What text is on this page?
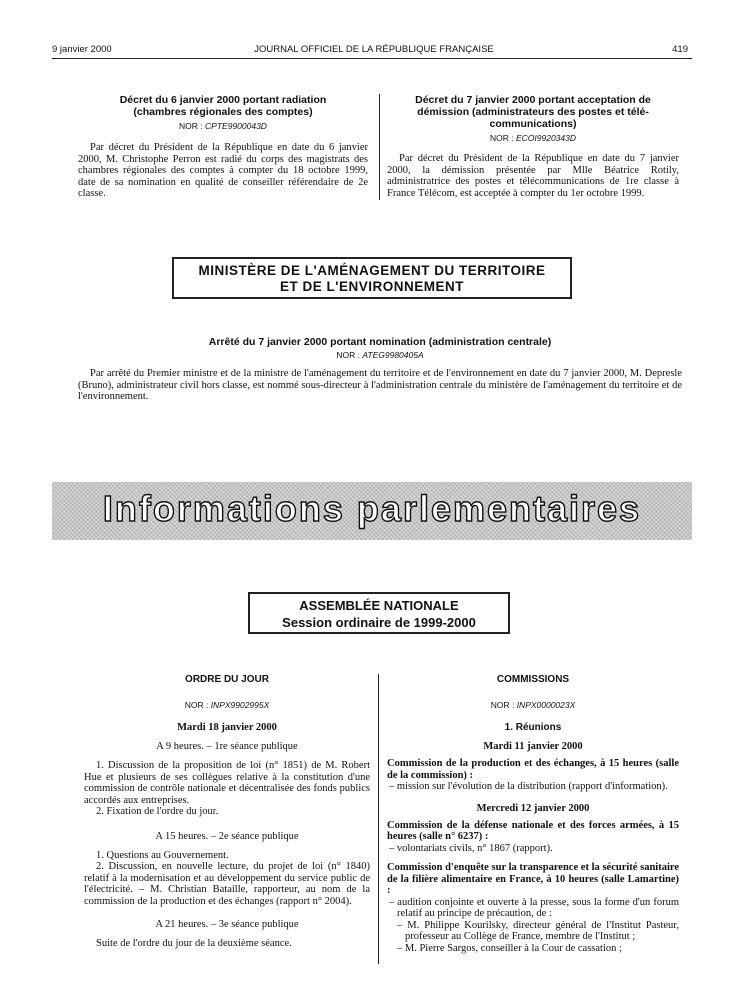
9 janvier 2000	JOURNAL OFFICIEL DE LA RÉPUBLIQUE FRANÇAISE	419
Décret du 6 janvier 2000 portant radiation
(chambres régionales des comptes)
NOR : CPTE9900043D

Par décret du Président de la République en date du 6 janvier 2000, M. Christophe Perron est radié du corps des magistrats des chambres régionales des comptes à compter du 18 octobre 1999, date de sa nomination en qualité de conseiller référendaire de 2e classe.

Décret du 7 janvier 2000 portant acceptation de
démission (administrateurs des postes et télé-
communications)
NOR : ECOI9920343D

Par décret du Président de la République en date du 7 janvier 2000, la démission présentée par Mlle Béatrice Rotily, administratrice des postes et télécommunications de 1re classe à France Télécom, est acceptée à compter du 1er octobre 1999.

MINISTÈRE DE L'AMÉNAGEMENT DU TERRITOIRE
ET DE L'ENVIRONNEMENT
Arrêté du 7 janvier 2000 portant nomination (administration centrale)
NOR : ATEG9980405A

Par arrêté du Premier ministre et de la ministre de l'aménagement du territoire et de l'environnement en date du 7 janvier 2000, M. Depresle (Bruno), administrateur civil hors classe, est nommé sous-directeur à l'administration centrale du ministère de l'aménagement du territoire et de l'environnement.

Informations parlementaires
ASSEMBLÉE NATIONALE
Session ordinaire de 1999-2000
ORDRE DU JOUR
NOR : INPX9902995X
Mardi 18 janvier 2000
A 9 heures. – 1re séance publique

1. Discussion de la proposition de loi (n° 1851) de M. Robert Hue et plusieurs de ses collègues relative à la constitution d'une commission de contrôle nationale et décentralisée des fonds publics accordés aux entreprises.

2. Fixation de l'ordre du jour.

A 15 heures. – 2e séance publique

1. Questions au Gouvernement.

2. Discussion, en nouvelle lecture, du projet de loi (n° 1840) relatif à la modernisation et au développement du service public de l'électricité. – M. Christian Bataille, rapporteur, au nom de la commission de la production et des échanges (rapport n° 2004).

A 21 heures. – 3e séance publique

Suite de l'ordre du jour de la deuxième séance.

COMMISSIONS
NOR : INPX0000023X
1. Réunions
Mardi 11 janvier 2000

Commission de la production et des échanges, à 15 heures (salle de la commission) :

– mission sur l'évolution de la distribution (rapport d'information).

Mercredi 12 janvier 2000

Commission de la défense nationale et des forces armées, à 15 heures (salle n° 6237) :

– volontariats civils, n° 1867 (rapport).

Commission d'enquête sur la transparence et la sécurité sanitaire de la filière alimentaire en France, à 10 heures (salle Lamartine) :

– audition conjointe et ouverte à la presse, sous la forme d'un forum relatif au principe de précaution, de :

– M. Philippe Kourilsky, directeur général de l'Institut Pasteur, professeur au Collège de France, membre de l'Institut ;

– M. Pierre Sargos, conseiller à la Cour de cassation ;
